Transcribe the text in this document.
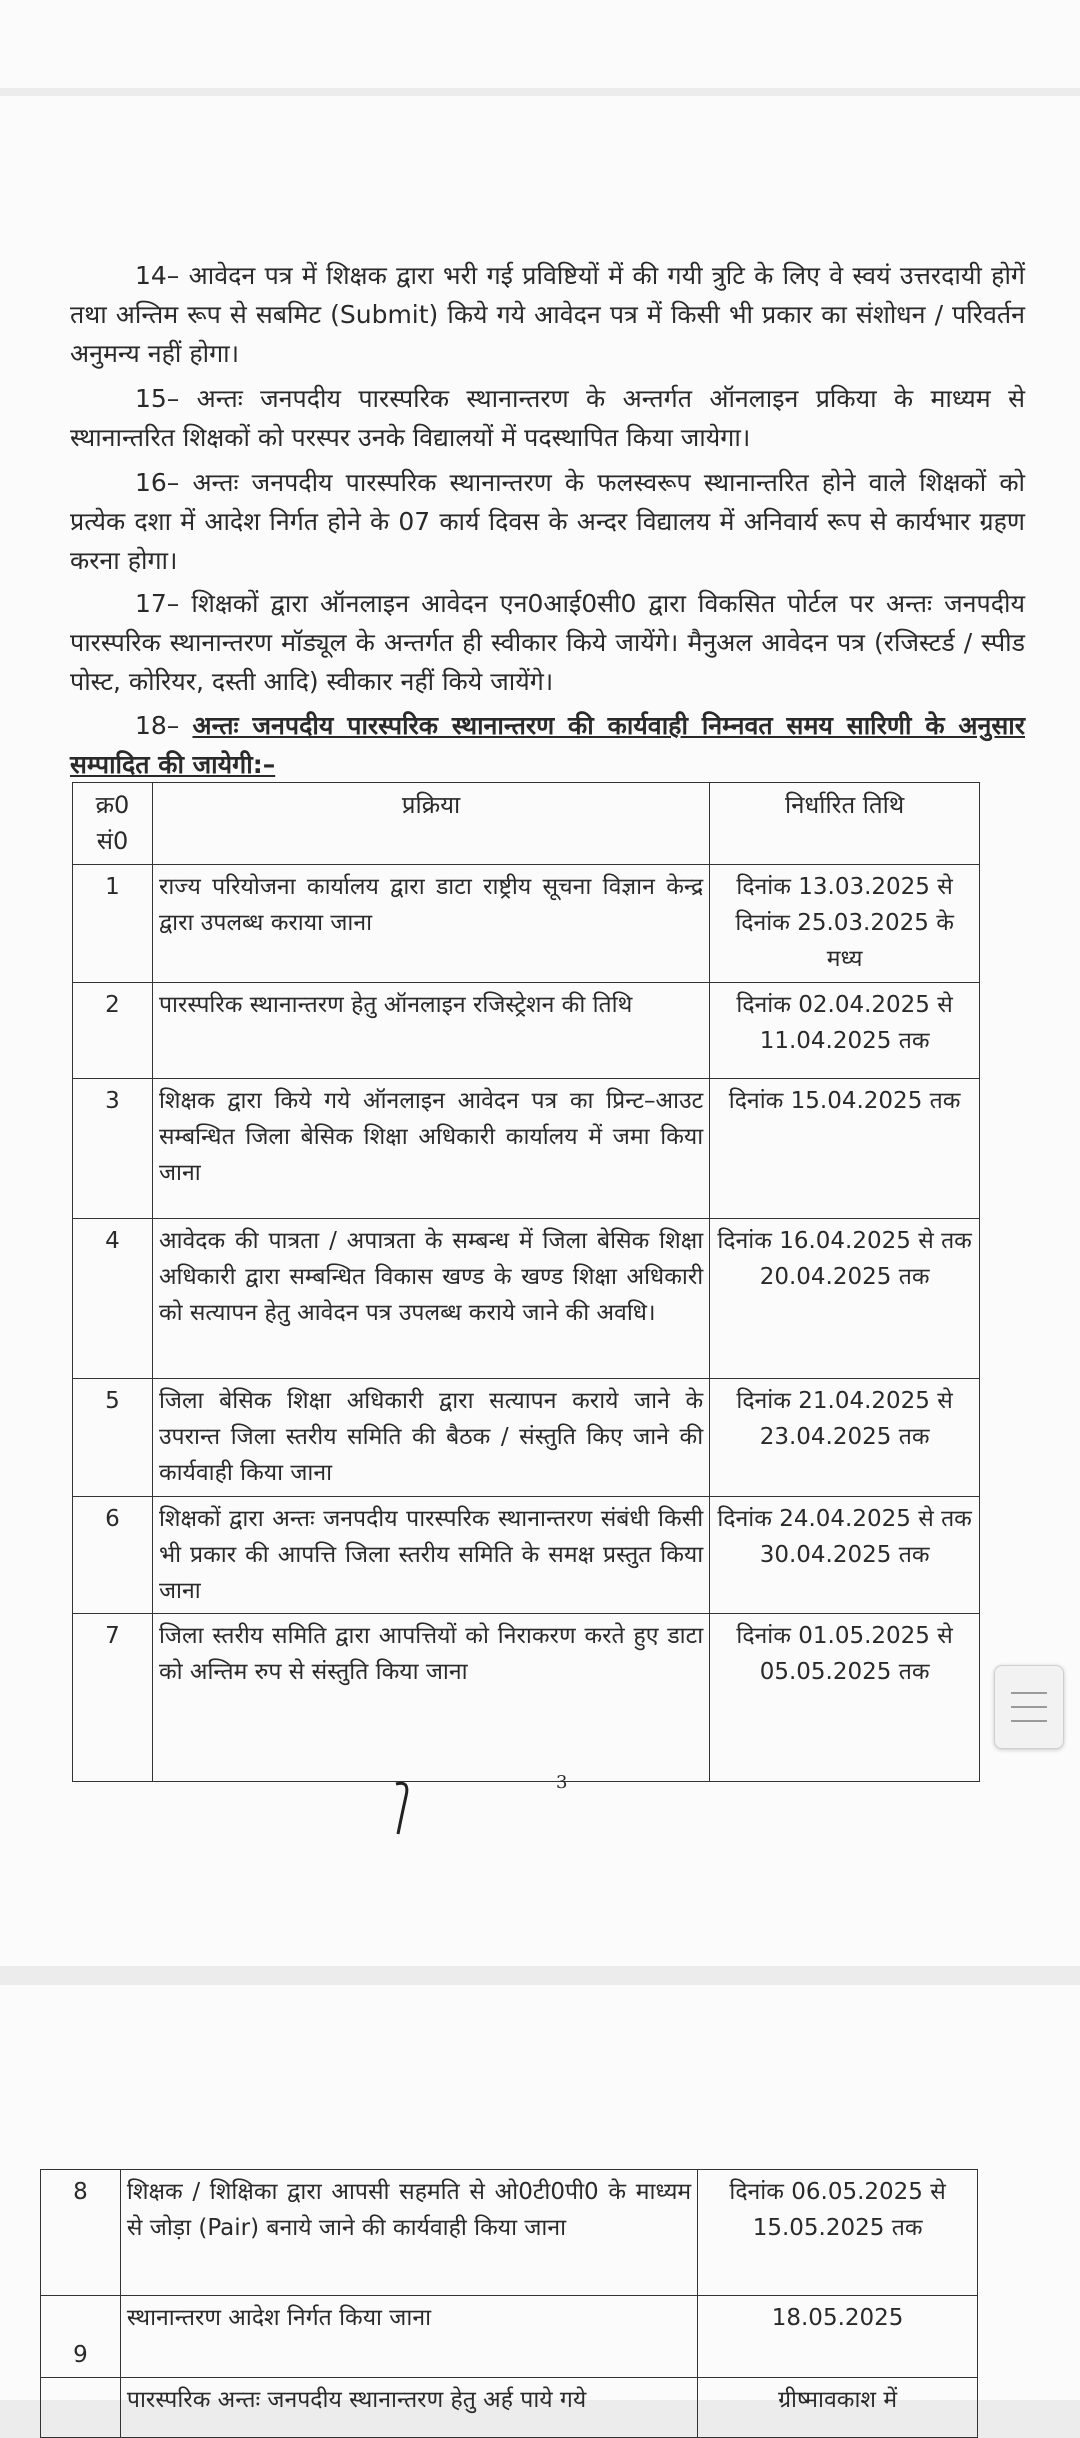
14– आवेदन पत्र में शिक्षक द्वारा भरी गई प्रविष्टियों में की गयी त्रुटि के लिए वे स्वयं उत्तरदायी होगें तथा अन्तिम रूप से सबमिट (Submit) किये गये आवेदन पत्र में किसी भी प्रकार का संशोधन / परिवर्तन अनुमन्य नहीं होगा।

15– अन्तः जनपदीय पारस्परिक स्थानान्तरण के अन्तर्गत ऑनलाइन प्रकिया के माध्यम से स्थानान्तरित शिक्षकों को परस्पर उनके विद्यालयों में पदस्थापित किया जायेगा।

16– अन्तः जनपदीय पारस्परिक स्थानान्तरण के फलस्वरूप स्थानान्तरित होने वाले शिक्षकों को प्रत्येक दशा में आदेश निर्गत होने के 07 कार्य दिवस के अन्दर विद्यालय में अनिवार्य रूप से कार्यभार ग्रहण करना होगा।

17– शिक्षकों द्वारा ऑनलाइन आवेदन एन0आई0सी0 द्वारा विकसित पोर्टल पर अन्तः जनपदीय पारस्परिक स्थानान्तरण मॉड्यूल के अन्तर्गत ही स्वीकार किये जायेंगे। मैनुअल आवेदन पत्र (रजिस्टर्ड / स्पीड पोस्ट, कोरियर, दस्ती आदि) स्वीकार नहीं किये जायेंगे।

18– अन्तः जनपदीय पारस्परिक स्थानान्तरण की कार्यवाही निम्नवत समय सारिणी के अनुसार सम्पादित की जायेगी:–

क्र0 सं0	प्रक्रिया	निर्धारित तिथि
1	राज्य परियोजना कार्यालय द्वारा डाटा राष्ट्रीय सूचना विज्ञान केन्द्र द्वारा उपलब्ध कराया जाना	दिनांक 13.03.2025 से दिनांक 25.03.2025 के मध्य
2	पारस्परिक स्थानान्तरण हेतु ऑनलाइन रजिस्ट्रेशन की तिथि	दिनांक 02.04.2025 से 11.04.2025 तक
3	शिक्षक द्वारा किये गये ऑनलाइन आवेदन पत्र का प्रिन्ट–आउट सम्बन्धित जिला बेसिक शिक्षा अधिकारी कार्यालय में जमा किया जाना	दिनांक 15.04.2025 तक
4	आवेदक की पात्रता / अपात्रता के सम्बन्ध में जिला बेसिक शिक्षा अधिकारी द्वारा सम्बन्धित विकास खण्ड के खण्ड शिक्षा अधिकारी को सत्यापन हेतु आवेदन पत्र उपलब्ध कराये जाने की अवधि।	दिनांक 16.04.2025 से तक 20.04.2025 तक
5	जिला बेसिक शिक्षा अधिकारी द्वारा सत्यापन कराये जाने के उपरान्त जिला स्तरीय समिति की बैठक / संस्तुति किए जाने की कार्यवाही किया जाना	दिनांक 21.04.2025 से 23.04.2025 तक
6	शिक्षकों द्वारा अन्तः जनपदीय पारस्परिक स्थानान्तरण संबंधी किसी भी प्रकार की आपत्ति जिला स्तरीय समिति के समक्ष प्रस्तुत किया जाना	दिनांक 24.04.2025 से तक 30.04.2025 तक
7	जिला स्तरीय समिति द्वारा आपत्तियों को निराकरण करते हुए डाटा को अन्तिम रुप से संस्तुति किया जाना	दिनांक 01.05.2025 से 05.05.2025 तक
3
8	शिक्षक / शिक्षिका द्वारा आपसी सहमति से ओ0टी0पी0 के माध्यम से जोड़ा (Pair) बनाये जाने की कार्यवाही किया जाना	दिनांक 06.05.2025 से 15.05.2025 तक
9	स्थानान्तरण आदेश निर्गत किया जाना	18.05.2025
	पारस्परिक अन्तः जनपदीय स्थानान्तरण हेतु अर्ह पाये गये	ग्रीष्मावकाश में
